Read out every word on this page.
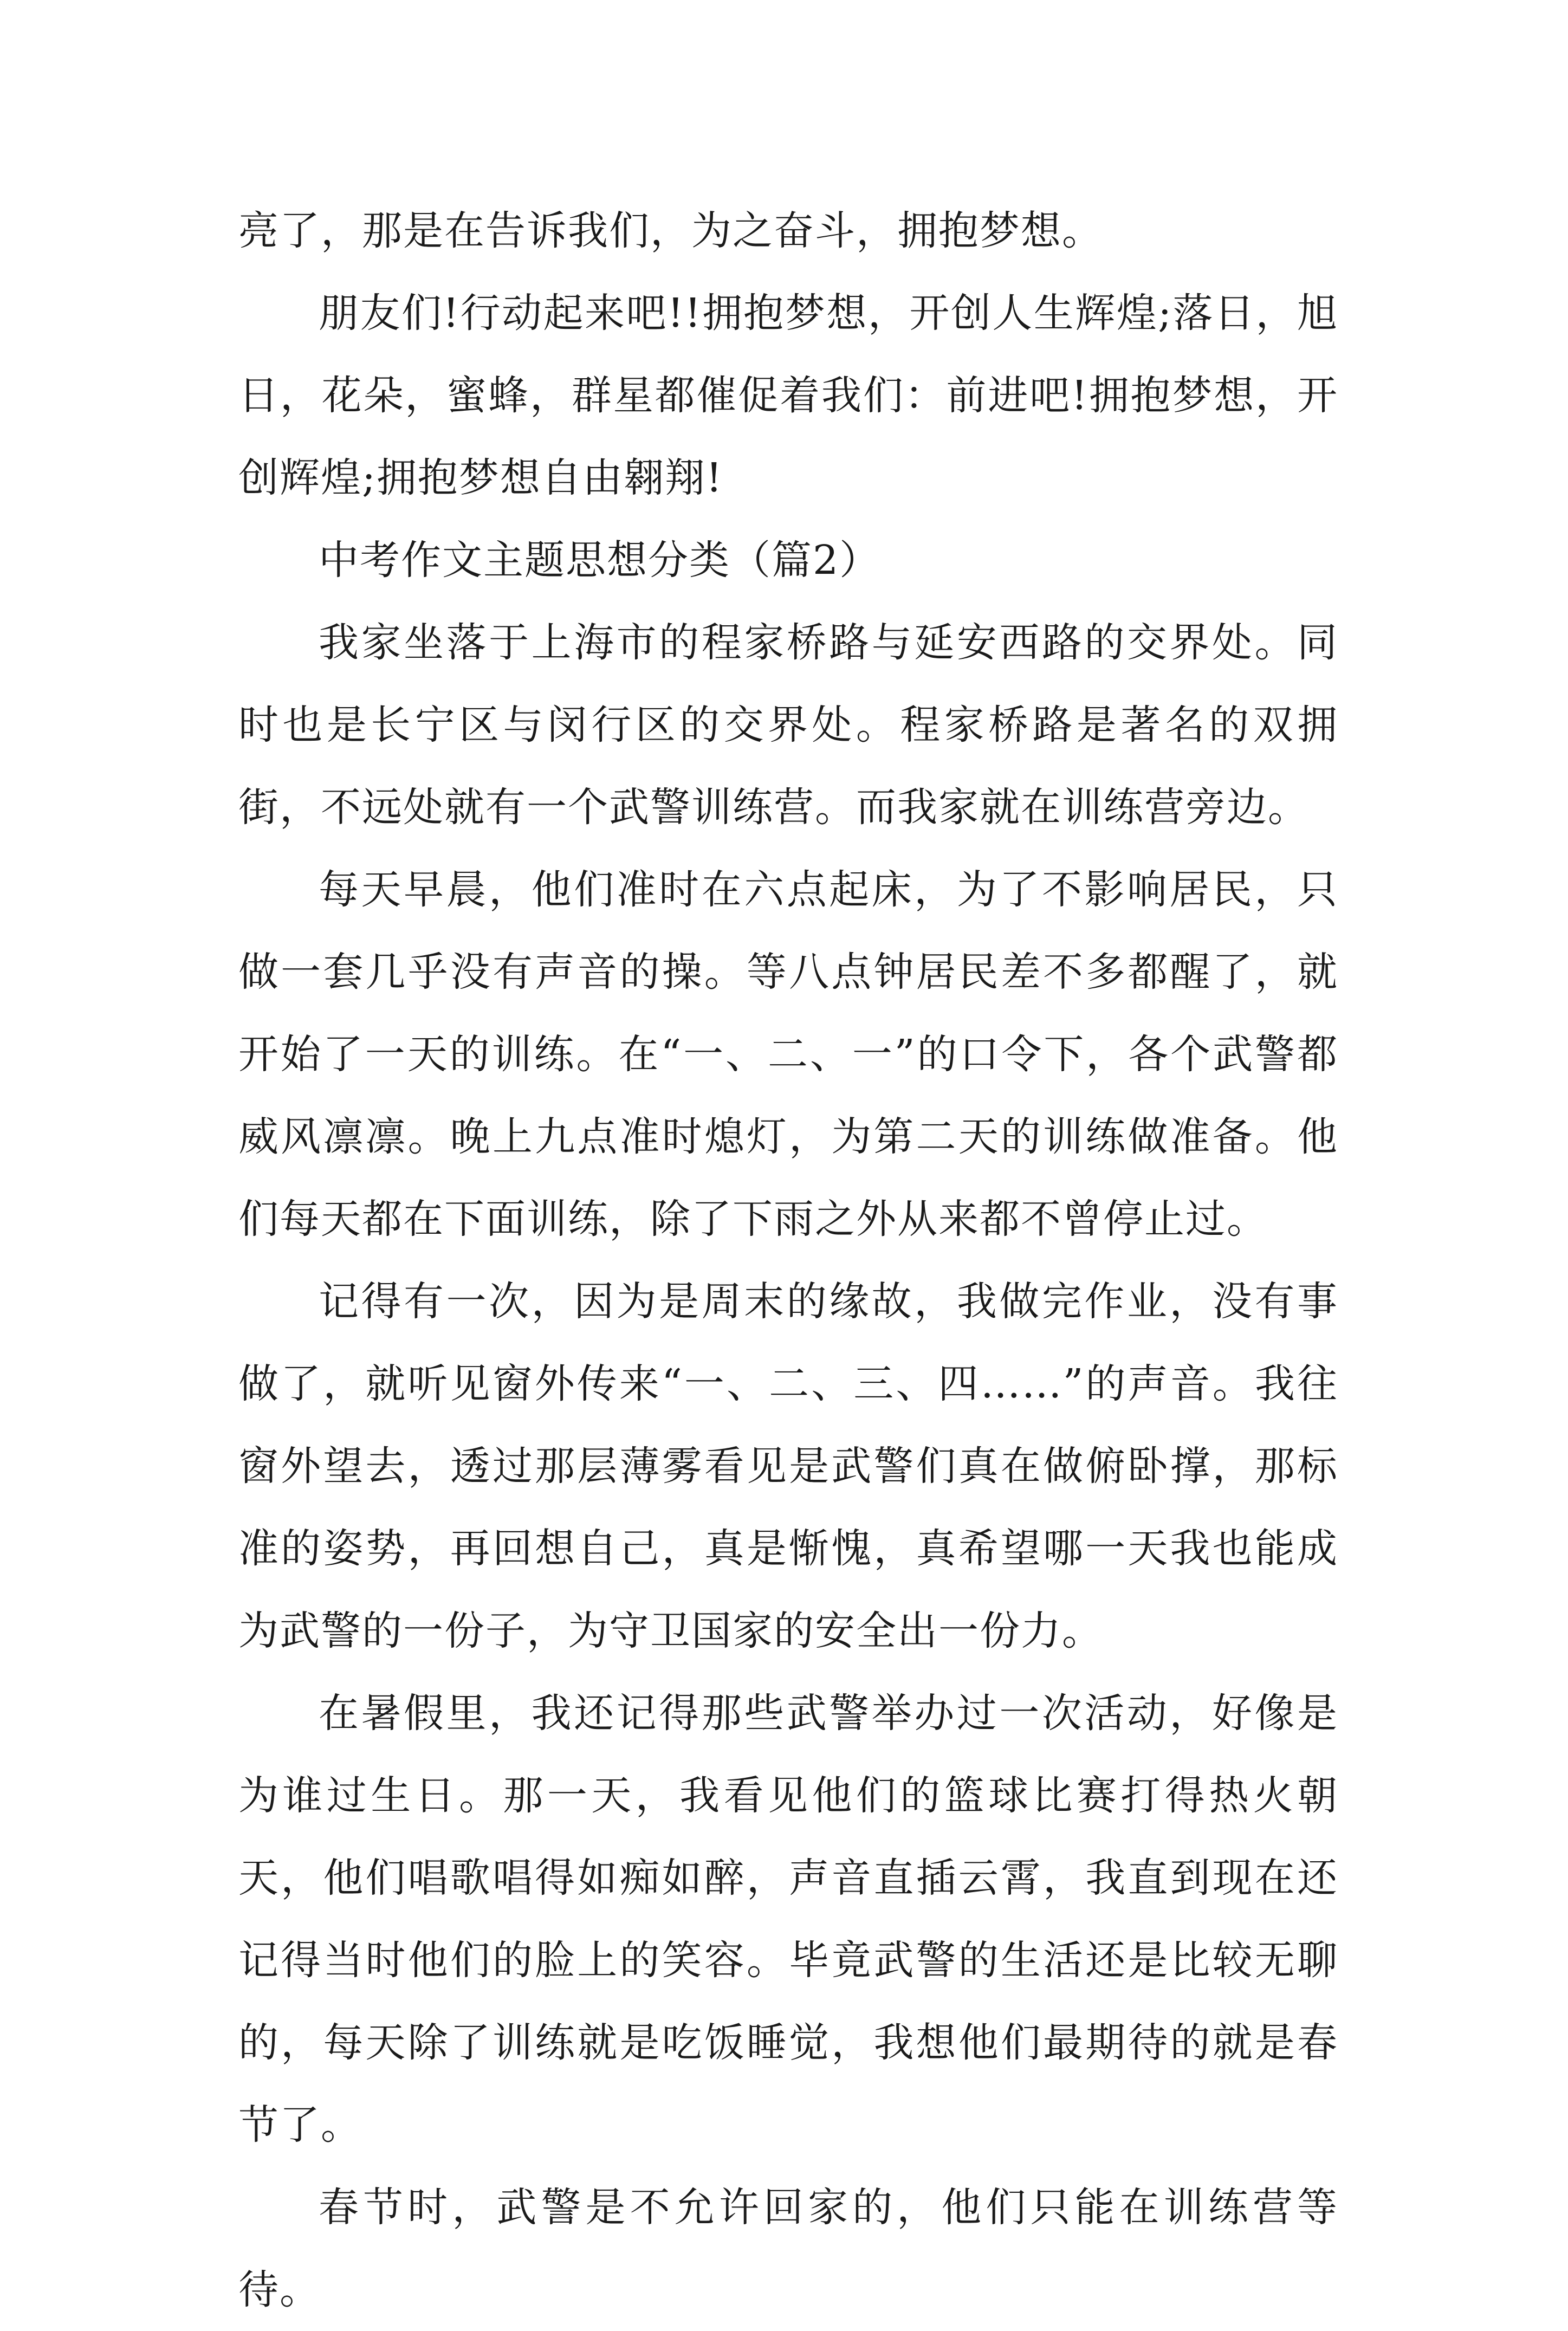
亮了，那是在告诉我们，为之奋斗，拥抱梦想。

朋友们!行动起来吧!!拥抱梦想，开创人生辉煌;落日，旭日，花朵，蜜蜂，群星都催促着我们：前进吧!拥抱梦想，开创辉煌;拥抱梦想自由翱翔!

中考作文主题思想分类（篇2）

我家坐落于上海市的程家桥路与延安西路的交界处。同时也是长宁区与闵行区的交界处。程家桥路是著名的双拥街，不远处就有一个武警训练营。而我家就在训练营旁边。

每天早晨，他们准时在六点起床，为了不影响居民，只做一套几乎没有声音的操。等八点钟居民差不多都醒了，就开始了一天的训练。在“一、二、一”的口令下，各个武警都威风凛凛。晚上九点准时熄灯，为第二天的训练做准备。他们每天都在下面训练，除了下雨之外从来都不曾停止过。

记得有一次，因为是周末的缘故，我做完作业，没有事做了，就听见窗外传来“一、二、三、四……”的声音。我往窗外望去，透过那层薄雾看见是武警们真在做俯卧撑，那标准的姿势，再回想自己，真是惭愧，真希望哪一天我也能成为武警的一份子，为守卫国家的安全出一份力。

在暑假里，我还记得那些武警举办过一次活动，好像是为谁过生日。那一天，我看见他们的篮球比赛打得热火朝天，他们唱歌唱得如痴如醉，声音直插云霄，我直到现在还记得当时他们的脸上的笑容。毕竟武警的生活还是比较无聊的，每天除了训练就是吃饭睡觉，我想他们最期待的就是春节了。

春节时，武警是不允许回家的，他们只能在训练营等待。
